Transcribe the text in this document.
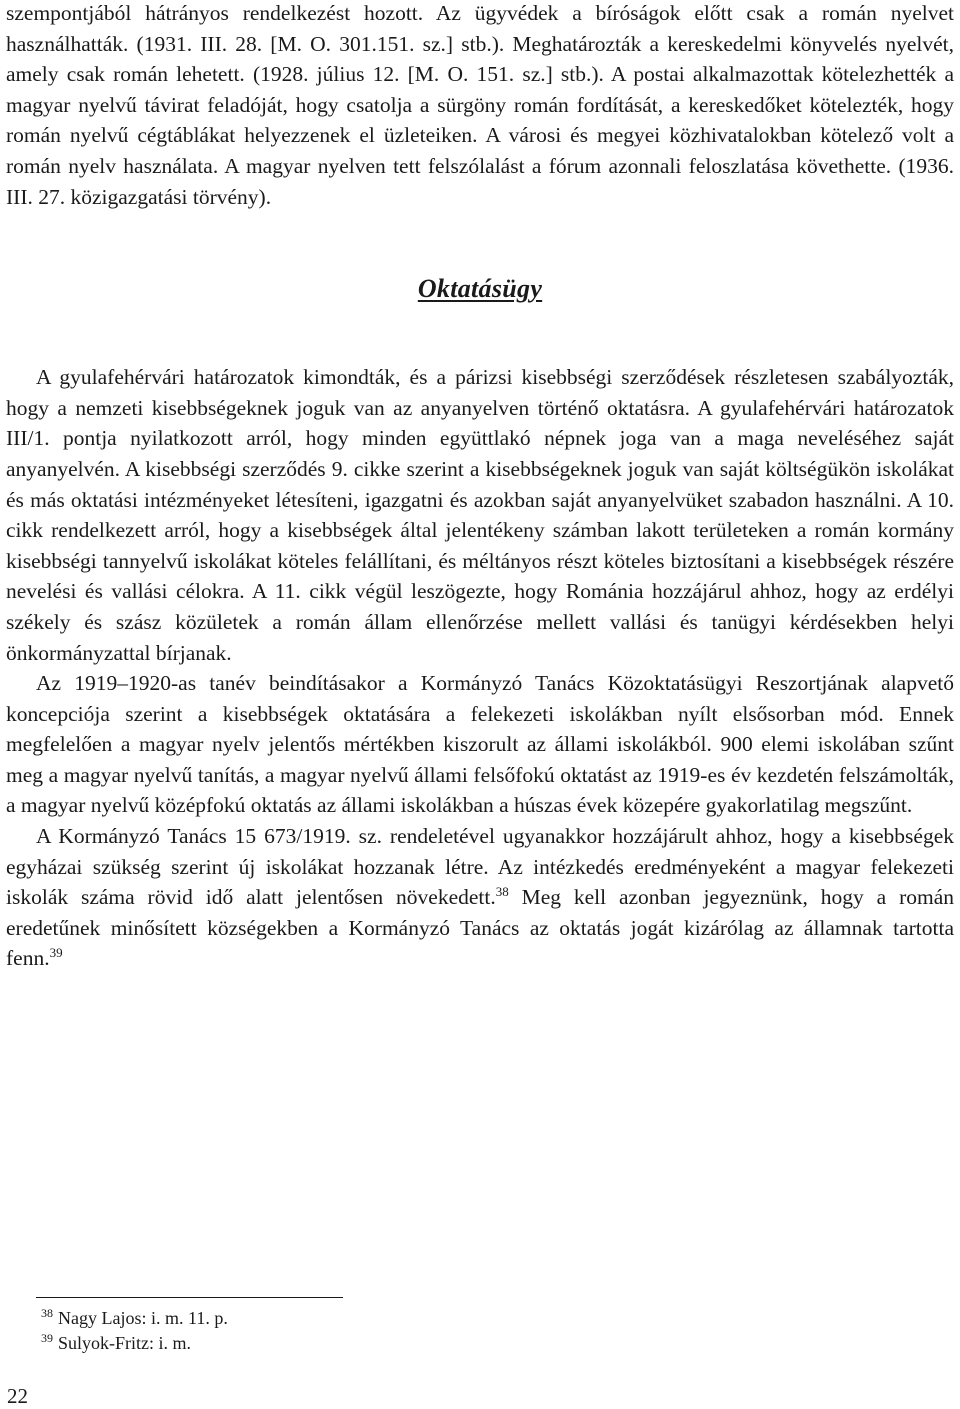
szempontjából hátrányos rendelkezést hozott. Az ügyvédek a bíróságok előtt csak a román nyelvet használhatták. (1931. III. 28. [M. O. 301.151. sz.] stb.). Meghatározták a kereskedelmi könyvelés nyelvét, amely csak román lehetett. (1928. július 12. [M. O. 151. sz.] stb.). A postai alkalmazottak kötelezhették a magyar nyelvű távirat feladóját, hogy csatolja a sürgöny román fordítását, a kereskedőket kötelezték, hogy román nyelvű cégtáblákat helyezzenek el üzleteiken. A városi és megyei közhivatalokban kötelező volt a román nyelv használata. A magyar nyelven tett felszólalást a fórum azonnali feloszlatása követhette. (1936. III. 27. közigazgatási törvény).

Oktatásügy

A gyulafehérvári határozatok kimondták, és a párizsi kisebbségi szerződések részletesen szabályozták, hogy a nemzeti kisebbségeknek joguk van az anyanyelven történő oktatásra. A gyulafehérvári határozatok III/1. pontja nyilatkozott arról, hogy minden együttlakó népnek joga van a maga neveléséhez saját anyanyelvén. A kisebbségi szerződés 9. cikke szerint a kisebbségeknek joguk van saját költségükön iskolákat és más oktatási intézményeket létesíteni, igazgatni és azokban saját anyanyelvüket szabadon használni. A 10. cikk rendelkezett arról, hogy a kisebbségek által jelentékeny számban lakott területeken a román kormány kisebbségi tannyelvű iskolákat köteles felállítani, és méltányos részt köteles biztosítani a kisebbségek részére nevelési és vallási célokra. A 11. cikk végül leszögezte, hogy Románia hozzájárul ahhoz, hogy az erdélyi székely és szász közületek a román állam ellenőrzése mellett vallási és tanügyi kérdésekben helyi önkormányzattal bírjanak.

Az 1919–1920-as tanév beindításakor a Kormányzó Tanács Közoktatásügyi Reszortjának alapvető koncepciója szerint a kisebbségek oktatására a felekezeti iskolákban nyílt elsősorban mód. Ennek megfelelően a magyar nyelv jelentős mértékben kiszorult az állami iskolákból. 900 elemi iskolában szűnt meg a magyar nyelvű tanítás, a magyar nyelvű állami felsőfokú oktatást az 1919-es év kezdetén felszámolták, a magyar nyelvű középfokú oktatás az állami iskolákban a húszas évek közepére gyakorlatilag megszűnt.

A Kormányzó Tanács 15 673/1919. sz. rendeletével ugyanakkor hozzájárult ahhoz, hogy a kisebbségek egyházai szükség szerint új iskolákat hozzanak létre. Az intézkedés eredményeként a magyar felekezeti iskolák száma rövid idő alatt jelentősen növekedett.$^{38}$ Meg kell azonban jegyeznünk, hogy a román eredetűnek minősített községekben a Kormányzó Tanács az oktatás jogát kizárólag az államnak tartotta fenn.$^{39}$

$^{38}$ Nagy Lajos: i. m. 11. p.
$^{39}$ Sulyok-Fritz: i. m.
22
